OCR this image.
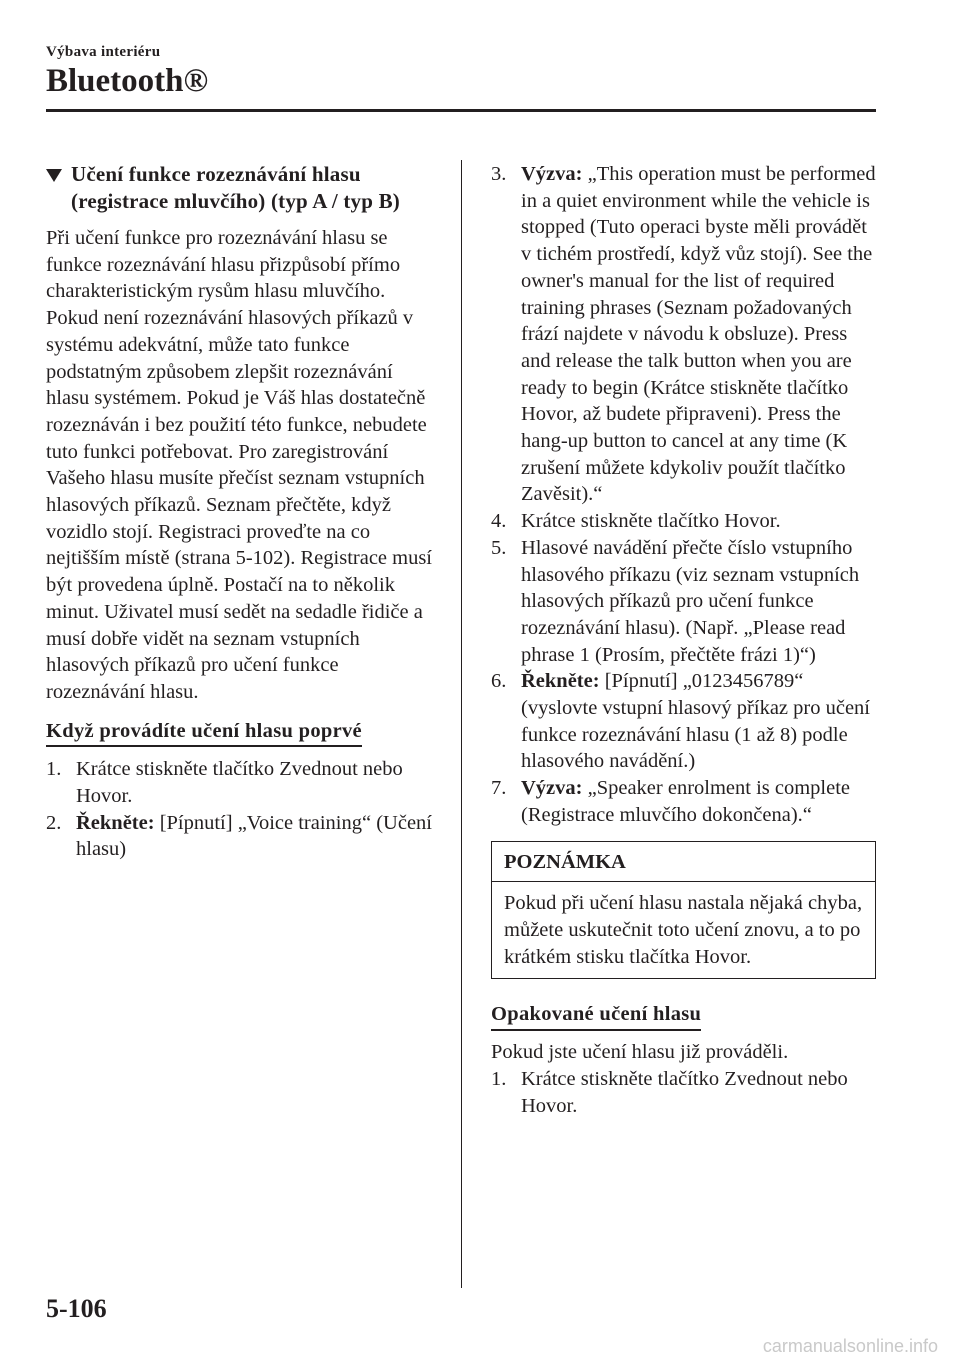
Výbava interiéru
Bluetooth®
Učení funkce rozeznávání hlasu (registrace mluvčího) (typ A / typ B)

Při učení funkce pro rozeznávání hlasu se funkce rozeznávání hlasu přizpůsobí přímo charakteristickým rysům hlasu mluvčího. Pokud není rozeznávání hlasových příkazů v systému adekvátní, může tato funkce podstatným způsobem zlepšit rozeznávání hlasu systémem. Pokud je Váš hlas dostatečně rozeznáván i bez použití této funkce, nebudete tuto funkci potřebovat. Pro zaregistrování Vašeho hlasu musíte přečíst seznam vstupních hlasových příkazů. Seznam přečtěte, když vozidlo stojí. Registraci proveďte na co nejtišším místě (strana 5-102). Registrace musí být provedena úplně. Postačí na to několik minut. Uživatel musí sedět na sedadle řidiče a musí dobře vidět na seznam vstupních hlasových příkazů pro učení funkce rozeznávání hlasu.

Když provádíte učení hlasu poprvé
1. Krátce stiskněte tlačítko Zvednout nebo Hovor.
2. Řekněte: [Pípnutí] „Voice training“ (Učení hlasu)
3. Výzva: „This operation must be performed in a quiet environment while the vehicle is stopped (Tuto operaci byste měli provádět v tichém prostředí, když vůz stojí). See the owner's manual for the list of required training phrases (Seznam požadovaných frází najdete v návodu k obsluze). Press and release the talk button when you are ready to begin (Krátce stiskněte tlačítko Hovor, až budete připraveni). Press the hang-up button to cancel at any time (K zrušení můžete kdykoliv použít tlačítko Zavěsit).“
4. Krátce stiskněte tlačítko Hovor.
5. Hlasové navádění přečte číslo vstupního hlasového příkazu (viz seznam vstupních hlasových příkazů pro učení funkce rozeznávání hlasu). (Např. „Please read phrase 1 (Prosím, přečtěte frázi 1)“)
6. Řekněte: [Pípnutí] „0123456789“ (vyslovte vstupní hlasový příkaz pro učení funkce rozeznávání hlasu (1 až 8) podle hlasového navádění.)
7. Výzva: „Speaker enrolment is complete (Registrace mluvčího dokončena).“
POZNÁMKA
Pokud při učení hlasu nastala nějaká chyba, můžete uskutečnit toto učení znovu, a to po krátkém stisku tlačítka Hovor.
Opakované učení hlasu

Pokud jste učení hlasu již prováděli.

1. Krátce stiskněte tlačítko Zvednout nebo Hovor.
5-106
carmanualsonline.info
